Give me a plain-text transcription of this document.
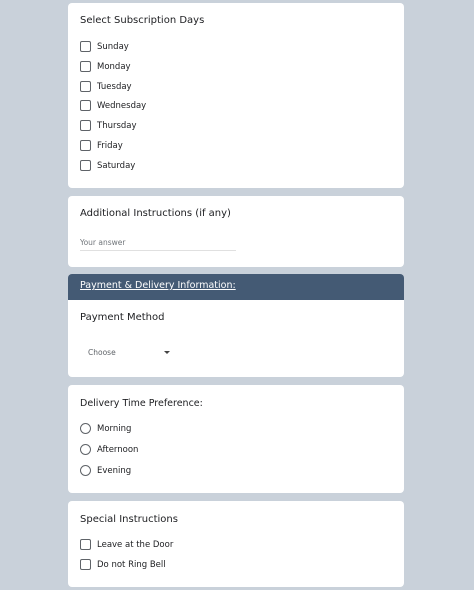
Select Subscription Days
Sunday
Monday
Tuesday
Wednesday
Thursday
Friday
Saturday
Additional Instructions (if any)
Your answer
Payment & Delivery Information:
Payment Method
Choose
Delivery Time Preference:
Morning
Afternoon
Evening
Special Instructions
Leave at the Door
Do not Ring Bell
